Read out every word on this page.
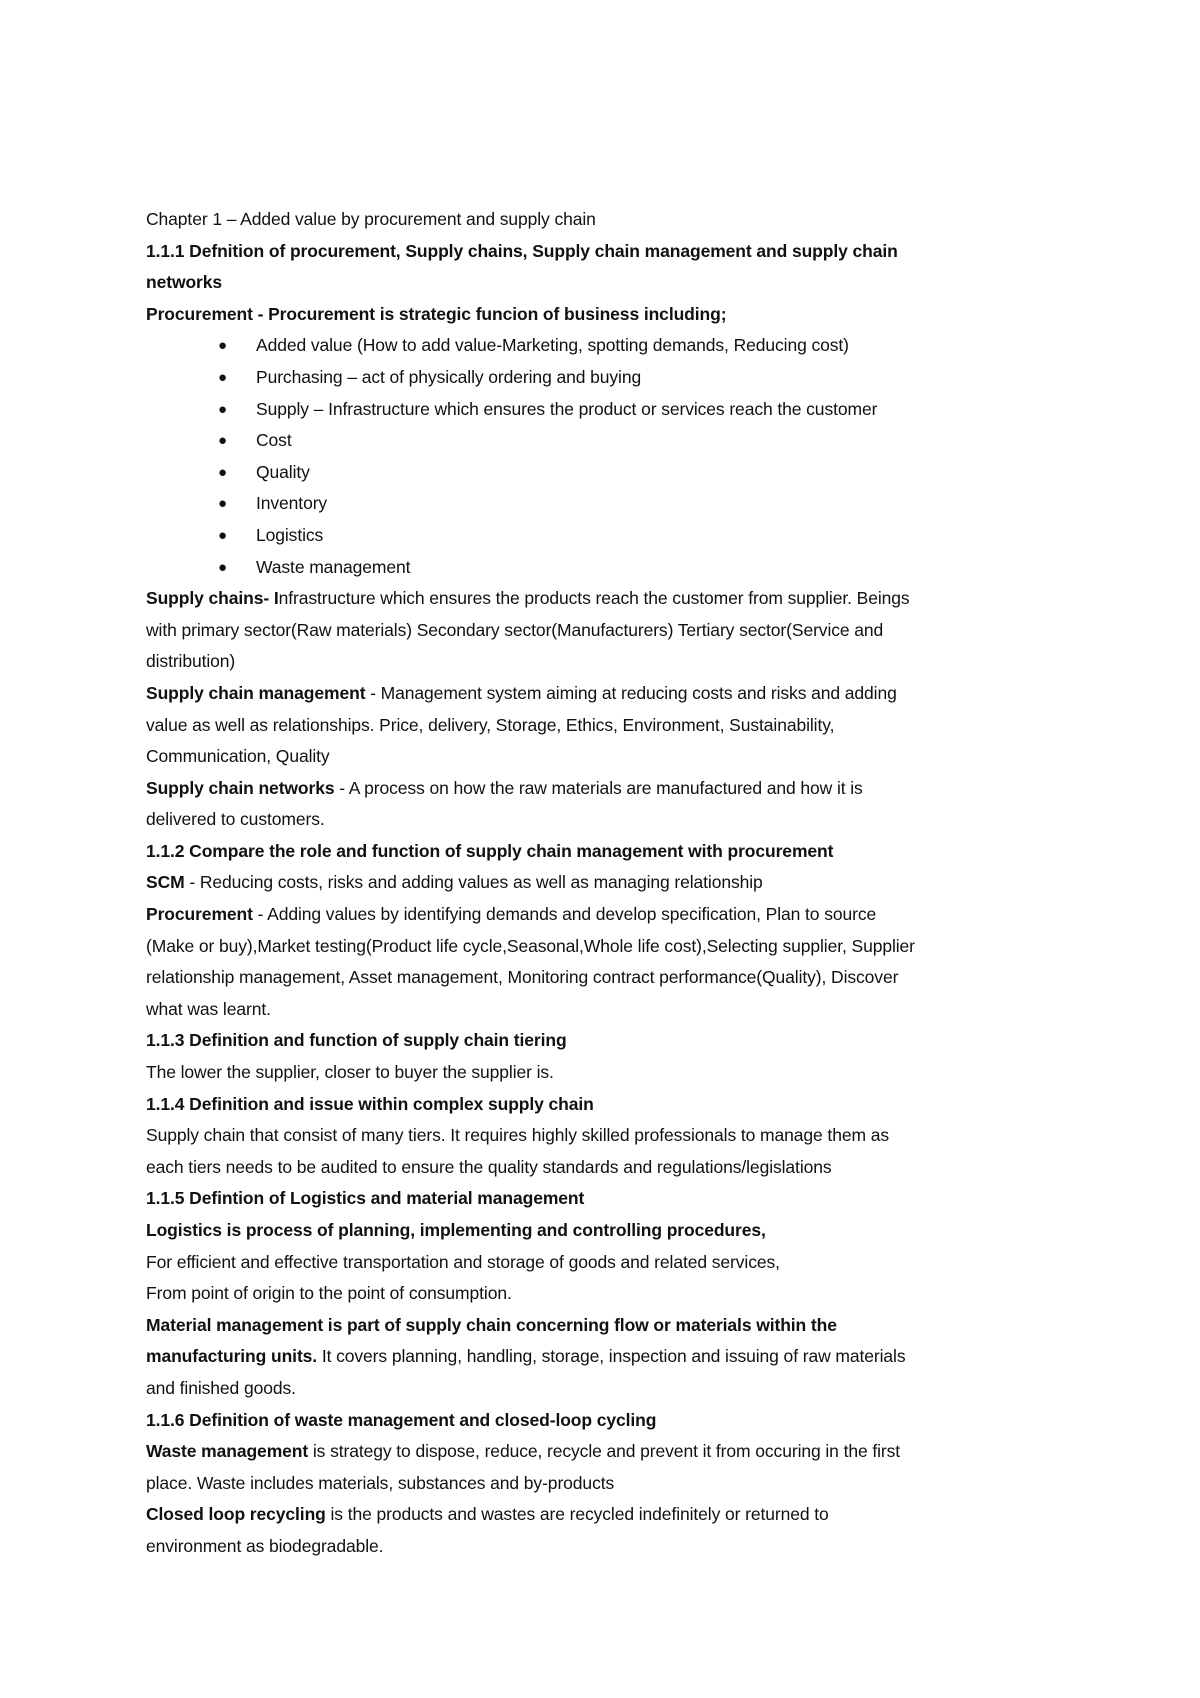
Chapter 1 – Added value by procurement and supply chain
1.1.1 Defnition of procurement, Supply chains, Supply chain management and supply chain
networks
Procurement - Procurement is strategic funcion of business including;
● Added value (How to add value-Marketing, spotting demands, Reducing cost)
● Purchasing – act of physically ordering and buying
● Supply – Infrastructure which ensures the product or services reach the customer
● Cost
● Quality
● Inventory
● Logistics
● Waste management
Supply chains- Infrastructure which ensures the products reach the customer from supplier. Beings
with primary sector(Raw materials) Secondary sector(Manufacturers) Tertiary sector(Service and
distribution)
Supply chain management - Management system aiming at reducing costs and risks and adding
value as well as relationships. Price, delivery, Storage, Ethics, Environment, Sustainability,
Communication, Quality
Supply chain networks - A process on how the raw materials are manufactured and how it is
delivered to customers.
1.1.2 Compare the role and function of supply chain management with procurement
SCM - Reducing costs, risks and adding values as well as managing relationship
Procurement - Adding values by identifying demands and develop specification, Plan to source
(Make or buy),Market testing(Product life cycle,Seasonal,Whole life cost),Selecting supplier, Supplier
relationship management, Asset management, Monitoring contract performance(Quality), Discover
what was learnt.
1.1.3 Definition and function of supply chain tiering
The lower the supplier, closer to buyer the supplier is.
1.1.4 Definition and issue within complex supply chain
Supply chain that consist of many tiers. It requires highly skilled professionals to manage them as
each tiers needs to be audited to ensure the quality standards and regulations/legislations
1.1.5 Defintion of Logistics and material management
Logistics is process of planning, implementing and controlling procedures,
For efficient and effective transportation and storage of goods and related services,
From point of origin to the point of consumption.
Material management is part of supply chain concerning flow or materials within the
manufacturing units. It covers planning, handling, storage, inspection and issuing of raw materials
and finished goods.
1.1.6 Definition of waste management and closed-loop cycling
Waste management is strategy to dispose, reduce, recycle and prevent it from occuring in the first
place. Waste includes materials, substances and by-products
Closed loop recycling is the products and wastes are recycled indefinitely or returned to
environment as biodegradable.
